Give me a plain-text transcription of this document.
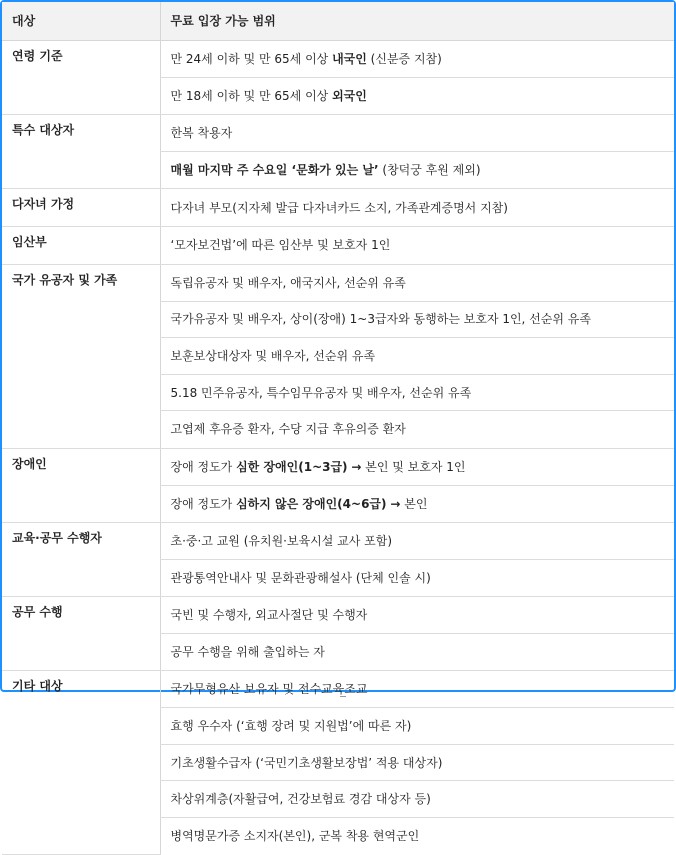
대상	무료 입장 가능 범위
연령 기준	만 24세 이하 및 만 65세 이상 내국인 (신분증 지참)
	만 18세 이하 및 만 65세 이상 외국인
특수 대상자	한복 착용자
	매월 마지막 주 수요일 ‘문화가 있는 날’ (창덕궁 후원 제외)
다자녀 가정	다자녀 부모(지자체 발급 다자녀카드 소지, 가족관계증명서 지참)
임산부	‘모자보건법’에 따른 임산부 및 보호자 1인
국가 유공자 및 가족	독립유공자 및 배우자, 애국지사, 선순위 유족
	국가유공자 및 배우자, 상이(장애) 1~3급자와 동행하는 보호자 1인, 선순위 유족
	보훈보상대상자 및 배우자, 선순위 유족
	5.18 민주유공자, 특수임무유공자 및 배우자, 선순위 유족
	고엽제 후유증 환자, 수당 지급 후유의증 환자
장애인	장애 정도가 심한 장애인(1~3급) → 본인 및 보호자 1인
	장애 정도가 심하지 않은 장애인(4~6급) → 본인
교육·공무 수행자	초·중·고 교원 (유치원·보육시설 교사 포함)
	관광통역안내사 및 문화관광해설사 (단체 인솔 시)
공무 수행	국빈 및 수행자, 외교사절단 및 수행자
	공무 수행을 위해 출입하는 자
기타 대상	국가무형유산 보유자 및 전수교육조교
	효행 우수자 (‘효행 장려 및 지원법’에 따른 자)
	기초생활수급자 (‘국민기초생활보장법’ 적용 대상자)
	차상위계층(자활급여, 건강보험료 경감 대상자 등)
	병역명문가증 소지자(본인), 군복 착용 현역군인
